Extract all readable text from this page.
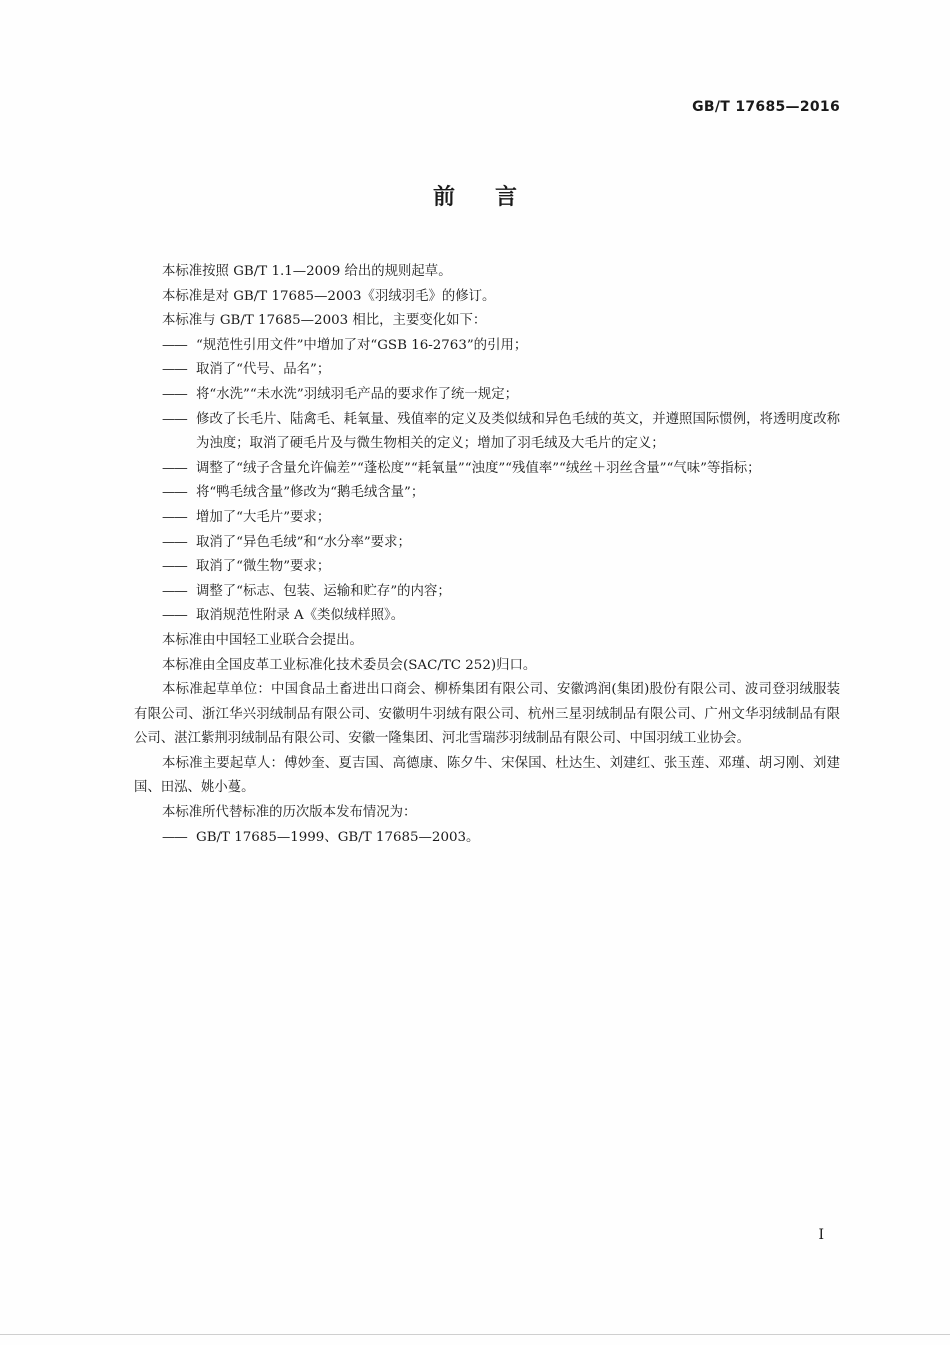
GB/T 17685—2016
前言

本标准按照 GB/T 1.1—2009 给出的规则起草。

本标准是对 GB/T 17685—2003《羽绒羽毛》的修订。

本标准与 GB/T 17685—2003 相比，主要变化如下：

—— “规范性引用文件”中增加了对“GSB 16-2763”的引用；

—— 取消了“代号、品名”；

—— 将“水洗”“未水洗”羽绒羽毛产品的要求作了统一规定；

—— 修改了长毛片、陆禽毛、耗氧量、残值率的定义及类似绒和异色毛绒的英文，并遵照国际惯例，将透明度改称为浊度；取消了硬毛片及与微生物相关的定义；增加了羽毛绒及大毛片的定义；

—— 调整了“绒子含量允许偏差”“蓬松度”“耗氧量”“浊度”“残值率”“绒丝＋羽丝含量”“气味”等指标；

—— 将“鸭毛绒含量”修改为“鹅毛绒含量”；

—— 增加了“大毛片”要求；

—— 取消了“异色毛绒”和“水分率”要求；

—— 取消了“微生物”要求；

—— 调整了“标志、包装、运输和贮存”的内容；

—— 取消规范性附录 A《类似绒样照》。

本标准由中国轻工业联合会提出。

本标准由全国皮革工业标准化技术委员会(SAC/TC 252)归口。

本标准起草单位：中国食品土畜进出口商会、柳桥集团有限公司、安徽鸿润(集团)股份有限公司、波司登羽绒服装有限公司、浙江华兴羽绒制品有限公司、安徽明牛羽绒有限公司、杭州三星羽绒制品有限公司、广州文华羽绒制品有限公司、湛江紫荆羽绒制品有限公司、安徽一隆集团、河北雪瑞莎羽绒制品有限公司、中国羽绒工业协会。

本标准主要起草人：傅妙奎、夏吉国、高德康、陈夕牛、宋保国、杜达生、刘建红、张玉莲、邓瑾、胡习刚、刘建国、田泓、姚小蔓。

本标准所代替标准的历次版本发布情况为：

—— GB/T 17685—1999、GB/T 17685—2003。

I
